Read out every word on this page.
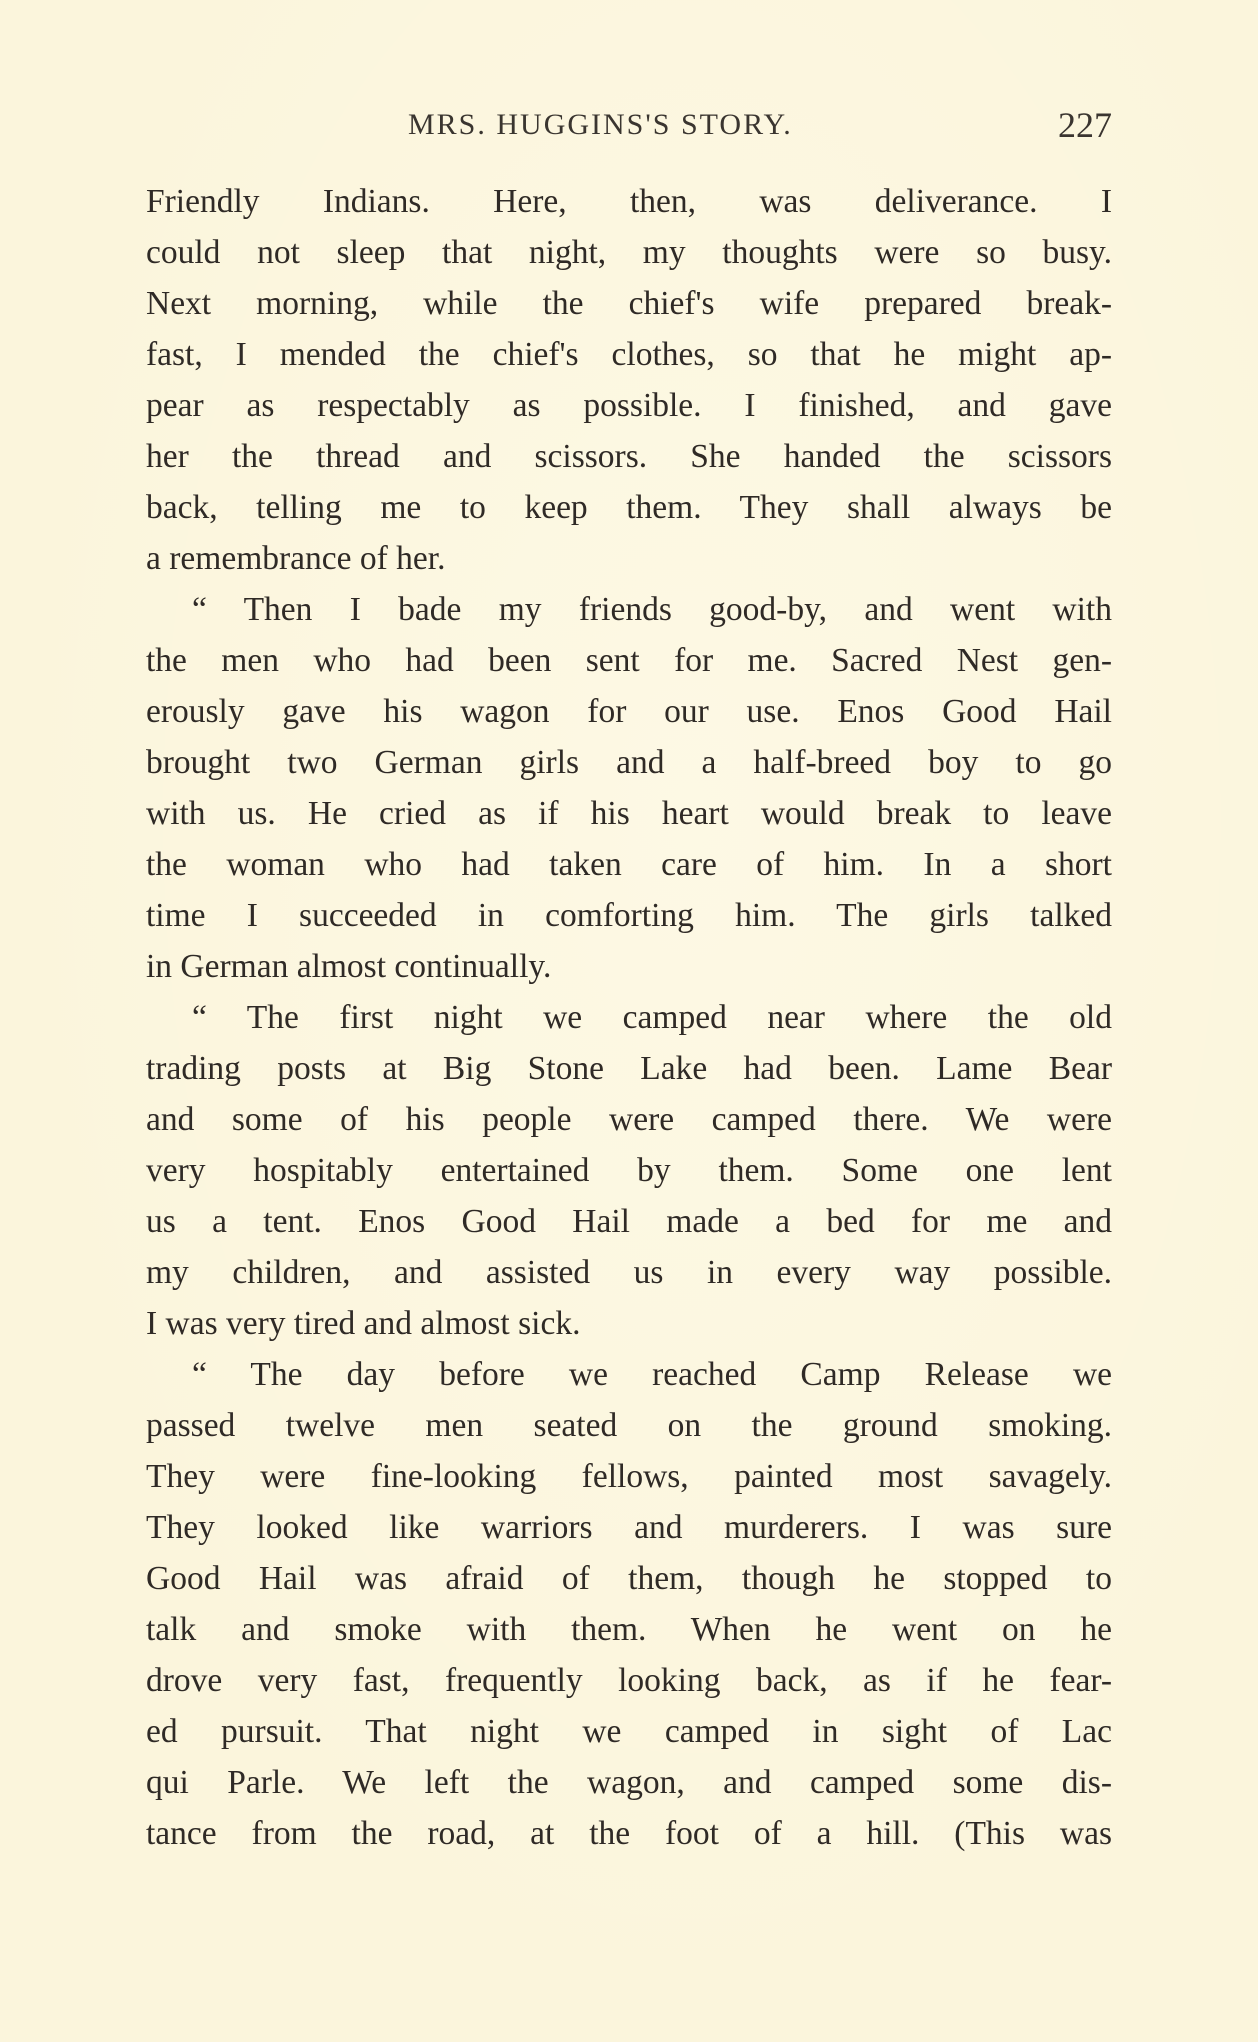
MRS. HUGGINS'S STORY.	227
Friendly Indians. Here, then, was deliverance. I
could not sleep that night, my thoughts were so busy.
Next morning, while the chief's wife prepared break-
fast, I mended the chief's clothes, so that he might ap-
pear as respectably as possible. I finished, and gave
her the thread and scissors. She handed the scissors
back, telling me to keep them. They shall always be
a remembrance of her.
“ Then I bade my friends good-by, and went with
the men who had been sent for me. Sacred Nest gen-
erously gave his wagon for our use. Enos Good Hail
brought two German girls and a half-breed boy to go
with us. He cried as if his heart would break to leave
the woman who had taken care of him. In a short
time I succeeded in comforting him. The girls talked
in German almost continually.
“ The first night we camped near where the old
trading posts at Big Stone Lake had been. Lame Bear
and some of his people were camped there. We were
very hospitably entertained by them. Some one lent
us a tent. Enos Good Hail made a bed for me and
my children, and assisted us in every way possible.
I was very tired and almost sick.
“ The day before we reached Camp Release we
passed twelve men seated on the ground smoking.
They were fine-looking fellows, painted most savagely.
They looked like warriors and murderers. I was sure
Good Hail was afraid of them, though he stopped to
talk and smoke with them. When he went on he
drove very fast, frequently looking back, as if he fear-
ed pursuit. That night we camped in sight of Lac
qui Parle. We left the wagon, and camped some dis-
tance from the road, at the foot of a hill. (This was
